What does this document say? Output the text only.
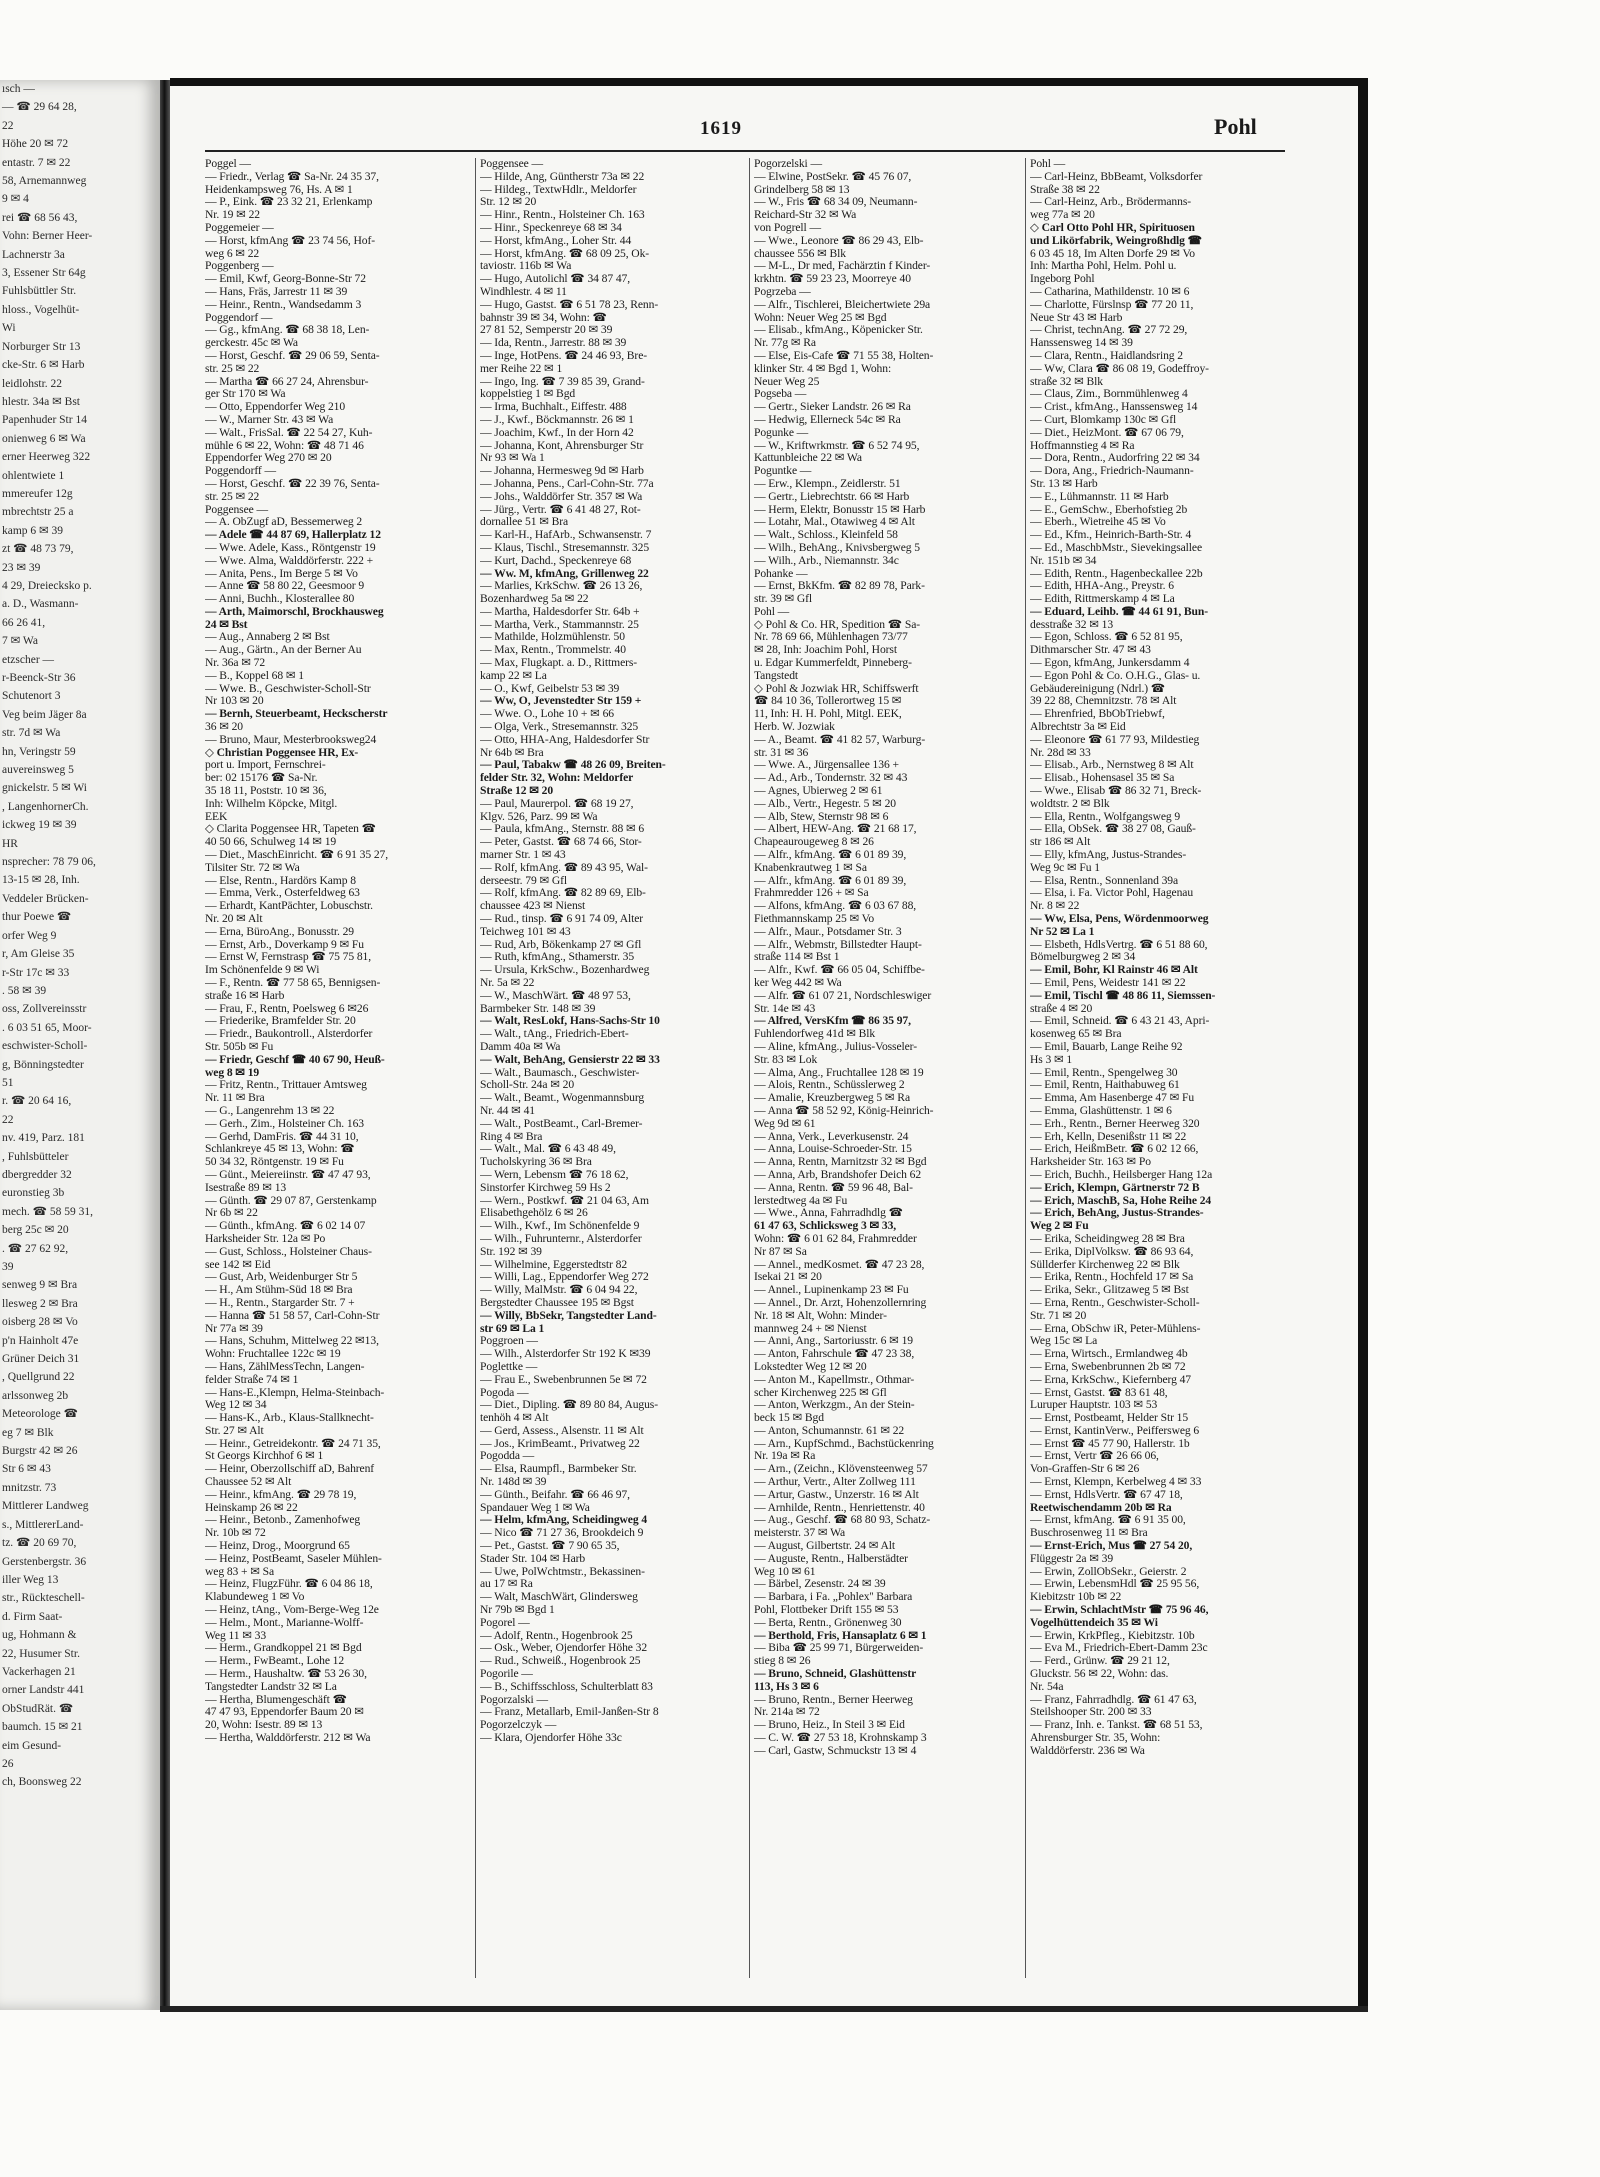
ısch —
— ☎ 29 64 28,
22
Höhe 20 ✉ 72
entastr. 7 ✉ 22
58, Arnemannweg
9 ✉ 4
rei ☎ 68 56 43,
Vohn: Berner Heer-
Lachnerstr 3a
3, Essener Str 64g
Fuhlsbüttler Str.
hloss., Vogelhüt-
Wi
Norburger Str 13
cke-Str. 6 ✉ Harb
leidlohstr. 22
hlestr. 34a ✉ Bst
Papenhuder Str 14
onienweg 6 ✉ Wa
erner Heerweg 322
ohlentwiete 1
mmereufer 12g
mbrechtstr 25 a
kamp 6 ✉ 39
zt ☎ 48 73 79,
23 ✉ 39
4 29, Dreiecksko p.
a. D., Wasmann-
66 26 41,
7 ✉ Wa
etzscher —
r-Beenck-Str 36
Schutenort 3
Veg beim Jäger 8a
str. 7d ✉ Wa
hn, Veringstr 59
auvereinsweg 5
gnickelstr. 5 ✉ Wi
, LangenhornerCh.
ickweg 19 ✉ 39
HR
nsprecher: 78 79 06,
13-15 ✉ 28, Inh.
Veddeler Brücken-
thur Poewe ☎
orfer Weg 9
r, Am Gleise 35
r-Str 17c ✉ 33
. 58 ✉ 39
oss, Zollvereinsstr
. 6 03 51 65, Moor-
eschwister-Scholl-
g, Bönningstedter
51
r. ☎ 20 64 16,
22
nv. 419, Parz. 181
, Fuhlsbütteler
dbergredder 32
euronstieg 3b
mech. ☎ 58 59 31,
berg 25c ✉ 20
. ☎ 27 62 92,
39
senweg 9 ✉ Bra
llesweg 2 ✉ Bra
oisberg 28 ✉ Vo
p'n Hainholt 47e
Grüner Deich 31
, Quellgrund 22
arlssonweg 2b
Meteorologe ☎
eg 7 ✉ Blk
Burgstr 42 ✉ 26
Str 6 ✉ 43
mnitzstr. 73
Mittlerer Landweg
s., MittlererLand-
tz. ☎ 20 69 70,
Gerstenbergstr. 36
iller Weg 13
str., Rückteschell-
d. Firm Saat-
ug, Hohmann &
22, Husumer Str.
Vackerhagen 21
orner Landstr 441
ObStudRät. ☎
baumch. 15 ✉ 21
eim Gesund-
26
ch, Boonsweg 22
1619	Pohl
Poggel —
— Friedr., Verlag ☎ Sa-Nr. 24 35 37,
Heidenkampsweg 76, Hs. A ✉ 1
— P., Eink. ☎ 23 32 21, Erlenkamp
Nr. 19 ✉ 22
Poggemeier —
— Horst, kfmAng ☎ 23 74 56, Hof-
weg 6 ✉ 22
Poggenberg —
— Emil, Kwf, Georg-Bonne-Str 72
— Hans, Fräs, Jarrestr 11 ✉ 39
— Heinr., Rentn., Wandsedamm 3
Poggendorf —
— Gg., kfmAng. ☎ 68 38 18, Len-
gerckestr. 45c ✉ Wa
— Horst, Geschf. ☎ 29 06 59, Senta-
str. 25 ✉ 22
— Martha ☎ 66 27 24, Ahrensbur-
ger Str 170 ✉ Wa
— Otto, Eppendorfer Weg 210
— W., Marner Str. 43 ✉ Wa
— Walt., FrisSal. ☎ 22 54 27, Kuh-
mühle 6 ✉ 22, Wohn: ☎ 48 71 46
Eppendorfer Weg 270 ✉ 20
Poggendorff —
— Horst, Geschf. ☎ 22 39 76, Senta-
str. 25 ✉ 22
Poggensee —
— A. ObZugf aD, Bessemerweg 2
— Adele ☎ 44 87 69, Hallerplatz 12
— Wwe. Adele, Kass., Röntgenstr 19
— Wwe. Alma, Walddörferstr. 222 +
— Anita, Pens., Im Berge 5 ✉ Vo
— Anne ☎ 58 80 22, Geesmoor 9
— Anni, Buchh., Klosterallee 80
— Arth, Maimorschl, Brockhausweg
24 ✉ Bst
— Aug., Annaberg 2 ✉ Bst
— Aug., Gärtn., An der Berner Au
Nr. 36a ✉ 72
— B., Koppel 68 ✉ 1
— Wwe. B., Geschwister-Scholl-Str
Nr 103 ✉ 20
— Bernh, Steuerbeamt, Heckscherstr
36 ✉ 20
— Bruno, Maur, Mesterbrooksweg24
◇ Christian Poggensee HR, Ex-
port u. Import, Fernschrei-
ber: 02 15176 ☎ Sa-Nr.
35 18 11, Poststr. 10 ✉ 36,
Inh: Wilhelm Köpcke, Mitgl.
EEK
◇ Clarita Poggensee HR, Tapeten ☎
40 50 66, Schulweg 14 ✉ 19
— Diet., MaschEinricht. ☎ 6 91 35 27,
Tilsiter Str. 72 ✉ Wa
— Else, Rentn., Hardörs Kamp 8
— Emma, Verk., Osterfeldweg 63
— Erhardt, KantPächter, Lobuschstr.
Nr. 20 ✉ Alt
— Erna, BüroAng., Bonusstr. 29
— Ernst, Arb., Doverkamp 9 ✉ Fu
— Ernst W, Fernstrasp ☎ 75 75 81,
Im Schönenfelde 9 ✉ Wi
— F., Rentn. ☎ 77 58 65, Bennigsen-
straße 16 ✉ Harb
— Frau, F., Rentn, Poelsweg 6 ✉26
— Friederike, Bramfelder Str. 20
— Friedr., Baukontroll., Alsterdorfer
Str. 505b ✉ Fu
— Friedr, Geschf ☎ 40 67 90, Heuß-
weg 8 ✉ 19
— Fritz, Rentn., Trittauer Amtsweg
Nr. 11 ✉ Bra
— G., Langenrehm 13 ✉ 22
— Gerh., Zim., Holsteiner Ch. 163
— Gerhd, DamFris. ☎ 44 31 10,
Schlankreye 45 ✉ 13, Wohn: ☎
50 34 32, Röntgenstr. 19 ✉ Fu
— Günt., Meiereiinstr. ☎ 47 47 93,
Isestraße 89 ✉ 13
— Günth. ☎ 29 07 87, Gerstenkamp
Nr 6b ✉ 22
— Günth., kfmAng. ☎ 6 02 14 07
Harksheider Str. 12a ✉ Po
— Gust, Schloss., Holsteiner Chaus-
see 142 ✉ Eid
— Gust, Arb, Weidenburger Str 5
— H., Am Stühm-Süd 18 ✉ Bra
— H., Rentn., Stargarder Str. 7 +
— Hanna ☎ 51 58 57, Carl-Cohn-Str
Nr 77a ✉ 39
— Hans, Schuhm, Mittelweg 22 ✉13,
Wohn: Fruchtallee 122c ✉ 19
— Hans, ZählMessTechn, Langen-
felder Straße 74 ✉ 1
— Hans-E.,Klempn, Helma-Steinbach-
Weg 12 ✉ 34
— Hans-K., Arb., Klaus-Stallknecht-
Str. 27 ✉ Alt
— Heinr., Getreidekontr. ☎ 24 71 35,
St Georgs Kirchhof 6 ✉ 1
— Heinr, Oberzollschiff aD, Bahrenf
Chaussee 52 ✉ Alt
— Heinr., kfmAng. ☎ 29 78 19,
Heinskamp 26 ✉ 22
— Heinr., Betonb., Zamenhofweg
Nr. 10b ✉ 72
— Heinz, Drog., Moorgrund 65
— Heinz, PostBeamt, Saseler Mühlen-
weg 83 + ✉ Sa
— Heinz, FlugzFühr. ☎ 6 04 86 18,
Klabundeweg 1 ✉ Vo
— Heinz, tAng., Vom-Berge-Weg 12e
— Helm., Mont., Marianne-Wolff-
Weg 11 ✉ 33
— Herm., Grandkoppel 21 ✉ Bgd
— Herm., FwBeamt., Lohe 12
— Herm., Haushaltw. ☎ 53 26 30,
Tangstedter Landstr 32 ✉ La
— Hertha, Blumengeschäft ☎
47 47 93, Eppendorfer Baum 20 ✉
20, Wohn: Isestr. 89 ✉ 13
— Hertha, Walddörferstr. 212 ✉ Wa
Poggensee —
— Hilde, Ang, Güntherstr 73a ✉ 22
— Hildeg., TextwHdlr., Meldorfer
Str. 12 ✉ 20
— Hinr., Rentn., Holsteiner Ch. 163
— Hinr., Speckenreye 68 ✉ 34
— Horst, kfmAng., Loher Str. 44
— Horst, kfmAng. ☎ 68 09 25, Ok-
taviostr. 116b ✉ Wa
— Hugo, Autolichl ☎ 34 87 47,
Windhlestr. 4 ✉ 11
— Hugo, Gastst. ☎ 6 51 78 23, Renn-
bahnstr 39 ✉ 34, Wohn: ☎
27 81 52, Semperstr 20 ✉ 39
— Ida, Rentn., Jarrestr. 88 ✉ 39
— Inge, HotPens. ☎ 24 46 93, Bre-
mer Reihe 22 ✉ 1
— Ingo, Ing. ☎ 7 39 85 39, Grand-
koppelstieg 1 ✉ Bgd
— Irma, Buchhalt., Eiffestr. 488
— J., Kwf., Böckmannstr. 26 ✉ 1
— Joachim, Kwf., In der Horn 42
— Johanna, Kont, Ahrensburger Str
Nr 93 ✉ Wa 1
— Johanna, Hermesweg 9d ✉ Harb
— Johanna, Pens., Carl-Cohn-Str. 77a
— Johs., Walddörfer Str. 357 ✉ Wa
— Jürg., Vertr. ☎ 6 41 48 27, Rot-
dornallee 51 ✉ Bra
— Karl-H., HafArb., Schwansenstr. 7
— Klaus, Tischl., Stresemannstr. 325
— Kurt, Dachd., Speckenreye 68
— Ww. M, kfmAng, Grillenweg 22
— Marlies, KrkSchw. ☎ 26 13 26,
Bozenhardweg 5a ✉ 22
— Martha, Haldesdorfer Str. 64b +
— Martha, Verk., Stammannstr. 25
— Mathilde, Holzmühlenstr. 50
— Max, Rentn., Trommelstr. 40
— Max, Flugkapt. a. D., Rittmers-
kamp 22 ✉ La
— O., Kwf, Geibelstr 53 ✉ 39
— Ww, O, Jevenstedter Str 159 +
— Wwe. O., Lohe 10 + ✉ 66
— Olga, Verk., Stresemannstr. 325
— Otto, HHA-Ang, Haldesdorfer Str
Nr 64b ✉ Bra
— Paul, Tabakw ☎ 48 26 09, Breiten-
felder Str. 32, Wohn: Meldorfer
Straße 12 ✉ 20
— Paul, Maurerpol. ☎ 68 19 27,
Klgv. 526, Parz. 99 ✉ Wa
— Paula, kfmAng., Sternstr. 88 ✉ 6
— Peter, Gastst. ☎ 68 74 66, Stor-
marner Str. 1 ✉ 43
— Rolf, kfmAng. ☎ 89 43 95, Wal-
derseestr. 79 ✉ Gfl
— Rolf, kfmAng. ☎ 82 89 69, Elb-
chaussee 423 ✉ Nienst
— Rud., tinsp. ☎ 6 91 74 09, Alter
Teichweg 101 ✉ 43
— Rud, Arb, Bökenkamp 27 ✉ Gfl
— Ruth, kfmAng., Sthamerstr. 35
— Ursula, KrkSchw., Bozenhardweg
Nr. 5a ✉ 22
— W., MaschWärt. ☎ 48 97 53,
Barmbeker Str. 148 ✉ 39
— Walt, ResLokf, Hans-Sachs-Str 10
— Walt., tAng., Friedrich-Ebert-
Damm 40a ✉ Wa
— Walt, BehAng, Gensierstr 22 ✉ 33
— Walt., Baumasch., Geschwister-
Scholl-Str. 24a ✉ 20
— Walt., Beamt., Wogenmannsburg
Nr. 44 ✉ 41
— Walt., PostBeamt., Carl-Bremer-
Ring 4 ✉ Bra
— Walt., Mal. ☎ 6 43 48 49,
Tucholskyring 36 ✉ Bra
— Wern, Lebensm ☎ 76 18 62,
Sinstorfer Kirchweg 59 Hs 2
— Wern., Postkwf. ☎ 21 04 63, Am
Elisabethgehölz 6 ✉ 26
— Wilh., Kwf., Im Schönenfelde 9
— Wilh., Fuhrunternr., Alsterdorfer
Str. 192 ✉ 39
— Wilhelmine, Eggerstedtstr 82
— Willi, Lag., Eppendorfer Weg 272
— Willy, MalMstr. ☎ 6 04 94 22,
Bergstedter Chaussee 195 ✉ Bgst
— Willy, BbSekr, Tangstedter Land-
str 69 ✉ La 1
Poggroen —
— Wilh., Alsterdorfer Str 192 K ✉39
Poglettke —
— Frau E., Swebenbrunnen 5e ✉ 72
Pogoda —
— Diet., Dipling. ☎ 89 80 84, Augus-
tenhöh 4 ✉ Alt
— Gerd, Assess., Alsenstr. 11 ✉ Alt
— Jos., KrimBeamt., Privatweg 22
Pogodda —
— Elsa, Raumpfl., Barmbeker Str.
Nr. 148d ✉ 39
— Günth., Beifahr. ☎ 66 46 97,
Spandauer Weg 1 ✉ Wa
— Helm, kfmAng, Scheidingweg 4
— Nico ☎ 71 27 36, Brookdeich 9
— Pet., Gastst. ☎ 7 90 65 35,
Stader Str. 104 ✉ Harb
— Uwe, PolWchtmstr., Bekassinen-
au 17 ✉ Ra
— Walt, MaschWärt, Glindersweg
Nr 79b ✉ Bgd 1
Pogorel —
— Adolf, Rentn., Hogenbrook 25
— Osk., Weber, Ojendorfer Höhe 32
— Rud., Schweiß., Hogenbrook 25
Pogorile —
— B., Schiffsschloss, Schulterblatt 83
Pogorzalski —
— Franz, Metallarb, Emil-Janßen-Str 8
Pogorzelczyk —
— Klara, Ojendorfer Höhe 33c
Pogorzelski —
— Elwine, PostSekr. ☎ 45 76 07,
Grindelberg 58 ✉ 13
— W., Fris ☎ 68 34 09, Neumann-
Reichard-Str 32 ✉ Wa
von Pogrell —
— Wwe., Leonore ☎ 86 29 43, Elb-
chaussee 556 ✉ Blk
— M-L., Dr med, Fachärztin f Kinder-
krkhtn. ☎ 59 23 23, Moorreye 40
Pogrzeba —
— Alfr., Tischlerei, Bleichertwiete 29a
Wohn: Neuer Weg 25 ✉ Bgd
— Elisab., kfmAng., Köpenicker Str.
Nr. 77g ✉ Ra
— Else, Eis-Cafe ☎ 71 55 38, Holten-
klinker Str. 4 ✉ Bgd 1, Wohn:
Neuer Weg 25
Pogseba —
— Gertr., Sieker Landstr. 26 ✉ Ra
— Hedwig, Ellerneck 54c ✉ Ra
Pogunke —
— W., Kriftwrkmstr. ☎ 6 52 74 95,
Kattunbleiche 22 ✉ Wa
Poguntke —
— Erw., Klempn., Zeidlerstr. 51
— Gertr., Liebrechtstr. 66 ✉ Harb
— Herm, Elektr, Bonusstr 15 ✉ Harb
— Lotahr, Mal., Otawiweg 4 ✉ Alt
— Walt., Schloss., Kleinfeld 58
— Wilh., BehAng., Knivsbergweg 5
— Wilh., Arb., Niemannstr. 34c
Pohanke —
— Ernst, BkKfm. ☎ 82 89 78, Park-
str. 39 ✉ Gfl
Pohl —
◇ Pohl & Co. HR, Spedition ☎ Sa-
Nr. 78 69 66, Mühlenhagen 73/77
✉ 28, Inh: Joachim Pohl, Horst
u. Edgar Kummerfeldt, Pinneberg-
Tangstedt
◇ Pohl & Jozwiak HR, Schiffswerft
☎ 84 10 36, Tollerortweg 15 ✉
11, Inh: H. H. Pohl, Mitgl. EEK,
Herb. W. Jozwiak
— A., Beamt. ☎ 41 82 57, Warburg-
str. 31 ✉ 36
— Wwe. A., Jürgensallee 136 +
— Ad., Arb., Tondernstr. 32 ✉ 43
— Agnes, Ubierweg 2 ✉ 61
— Alb., Vertr., Hegestr. 5 ✉ 20
— Alb, Stew, Sternstr 98 ✉ 6
— Albert, HEW-Ang. ☎ 21 68 17,
Chapeaurougeweg 8 ✉ 26
— Alfr., kfmAng. ☎ 6 01 89 39,
Knabenkrautweg 1 ✉ Sa
— Alfr., kfmAng. ☎ 6 01 89 39,
Frahmredder 126 + ✉ Sa
— Alfons, kfmAng. ☎ 6 03 67 88,
Fiethmannskamp 25 ✉ Vo
— Alfr., Maur., Potsdamer Str. 3
— Alfr., Webmstr, Billstedter Haupt-
straße 114 ✉ Bst 1
— Alfr., Kwf. ☎ 66 05 04, Schiffbe-
ker Weg 442 ✉ Wa
— Alfr. ☎ 61 07 21, Nordschleswiger
Str. 14e ✉ 43
— Alfred, VersKfm ☎ 86 35 97,
Fuhlendorfweg 41d ✉ Blk
— Aline, kfmAng., Julius-Vosseler-
Str. 83 ✉ Lok
— Alma, Ang., Fruchtallee 128 ✉ 19
— Alois, Rentn., Schüsslerweg 2
— Amalie, Kreuzbergweg 5 ✉ Ra
— Anna ☎ 58 52 92, König-Heinrich-
Weg 9d ✉ 61
— Anna, Verk., Leverkusenstr. 24
— Anna, Louise-Schroeder-Str. 15
— Anna, Rentn, Marnitzstr 32 ✉ Bgd
— Anna, Arb, Brandshofer Deich 62
— Anna, Rentn. ☎ 59 96 48, Bal-
lerstedtweg 4a ✉ Fu
— Wwe., Anna, Fahrradhdlg ☎
61 47 63, Schlicksweg 3 ✉ 33,
Wohn: ☎ 6 01 62 84, Frahmredder
Nr 87 ✉ Sa
— Annel., medKosmet. ☎ 47 23 28,
Isekai 21 ✉ 20
— Annel., Lupinenkamp 23 ✉ Fu
— Annel., Dr. Arzt, Hohenzollernring
Nr. 18 ✉ Alt, Wohn: Minder-
mannweg 24 + ✉ Nienst
— Anni, Ang., Sartoriusstr. 6 ✉ 19
— Anton, Fahrschule ☎ 47 23 38,
Lokstedter Weg 12 ✉ 20
— Anton M., Kapellmstr., Othmar-
scher Kirchenweg 225 ✉ Gfl
— Anton, Werkzgm., An der Stein-
beck 15 ✉ Bgd
— Anton, Schumannstr. 61 ✉ 22
— Arn., KupfSchmd., Bachstückenring
Nr. 19a ✉ Ra
— Arn., (Zeichn., Klövensteenweg 57
— Arthur, Vertr., Alter Zollweg 111
— Artur, Gastw., Unzerstr. 16 ✉ Alt
— Arnhilde, Rentn., Henriettenstr. 40
— Aug., Geschf. ☎ 68 80 93, Schatz-
meisterstr. 37 ✉ Wa
— August, Gilbertstr. 24 ✉ Alt
— Auguste, Rentn., Halberstädter
Weg 10 ✉ 61
— Bärbel, Zesenstr. 24 ✉ 39
— Barbara, i Fa. „Pohlex'' Barbara
Pohl, Flottbeker Drift 155 ✉ 53
— Berta, Rentn., Grönenweg 30
— Berthold, Fris, Hansaplatz 6 ✉ 1
— Biba ☎ 25 99 71, Bürgerweiden-
stieg 8 ✉ 26
— Bruno, Schneid, Glashüttenstr
113, Hs 3 ✉ 6
— Bruno, Rentn., Berner Heerweg
Nr. 214a ✉ 72
— Bruno, Heiz., In Steil 3 ✉ Eid
— C. W. ☎ 27 53 18, Krohnskamp 3
— Carl, Gastw, Schmuckstr 13 ✉ 4
Pohl —
— Carl-Heinz, BbBeamt, Volksdorfer
Straße 38 ✉ 22
— Carl-Heinz, Arb., Brödermanns-
weg 77a ✉ 20
◇ Carl Otto Pohl HR, Spirituosen
und Likörfabrik, Weingroßhdlg ☎
6 03 45 18, Im Alten Dorfe 29 ✉ Vo
Inh: Martha Pohl, Helm. Pohl u.
Ingeborg Pohl
— Catharina, Mathildenstr. 10 ✉ 6
— Charlotte, Fürslnsp ☎ 77 20 11,
Neue Str 43 ✉ Harb
— Christ, technAng. ☎ 27 72 29,
Hanssensweg 14 ✉ 39
— Clara, Rentn., Haidlandsring 2
— Ww, Clara ☎ 86 08 19, Godeffroy-
straße 32 ✉ Blk
— Claus, Zim., Bornmühlenweg 4
— Crist., kfmAng., Hanssensweg 14
— Curt, Blomkamp 130c ✉ Gfl
— Diet., HeizMont. ☎ 67 06 79,
Hoffmannstieg 4 ✉ Ra
— Dora, Rentn., Audorfring 22 ✉ 34
— Dora, Ang., Friedrich-Naumann-
Str. 13 ✉ Harb
— E., Lühmannstr. 11 ✉ Harb
— E., GemSchw., Eberhofstieg 2b
— Eberh., Wietreihe 45 ✉ Vo
— Ed., Kfm., Heinrich-Barth-Str. 4
— Ed., MaschbMstr., Sievekingsallee
Nr. 151b ✉ 34
— Edith, Rentn., Hagenbeckallee 22b
— Edith, HHA-Ang., Preystr. 6
— Edith, Rittmerskamp 4 ✉ La
— Eduard, Leihb. ☎ 44 61 91, Bun-
desstraße 32 ✉ 13
— Egon, Schloss. ☎ 6 52 81 95,
Dithmarscher Str. 47 ✉ 43
— Egon, kfmAng, Junkersdamm 4
— Egon Pohl & Co. O.H.G., Glas- u.
Gebäudereinigung (Ndrl.) ☎
39 22 88, Chemnitzstr. 78 ✉ Alt
— Ehrenfried, BbObTriebwf,
Albrechtstr 3a ✉ Eid
— Eleonore ☎ 61 77 93, Mildestieg
Nr. 28d ✉ 33
— Elisab., Arb., Nernstweg 8 ✉ Alt
— Elisab., Hohensasel 35 ✉ Sa
— Wwe., Elisab ☎ 86 32 71, Breck-
woldtstr. 2 ✉ Blk
— Ella, Rentn., Wolfgangsweg 9
— Ella, ObSek. ☎ 38 27 08, Gauß-
str 186 ✉ Alt
— Elly, kfmAng, Justus-Strandes-
Weg 9c ✉ Fu 1
— Elsa, Rentn., Sonnenland 39a
— Elsa, i. Fa. Victor Pohl, Hagenau
Nr. 8 ✉ 22
— Ww, Elsa, Pens, Wördenmoorweg
Nr 52 ✉ La 1
— Elsbeth, HdlsVertrg. ☎ 6 51 88 60,
Bömelburgweg 2 ✉ 34
— Emil, Bohr, Kl Rainstr 46 ✉ Alt
— Emil, Pens, Weidestr 141 ✉ 22
— Emil, Tischl ☎ 48 86 11, Siemssen-
straße 4 ✉ 20
— Emil, Schneid. ☎ 6 43 21 43, Apri-
kosenweg 65 ✉ Bra
— Emil, Bauarb, Lange Reihe 92
Hs 3 ✉ 1
— Emil, Rentn., Spengelweg 30
— Emil, Rentn, Haithabuweg 61
— Emma, Am Hasenberge 47 ✉ Fu
— Emma, Glashüttenstr. 1 ✉ 6
— Erh., Rentn., Berner Heerweg 320
— Erh, Kelln, Desenißstr 11 ✉ 22
— Erich, HeißmBetr. ☎ 6 02 12 66,
Harksheider Str. 163 ✉ Po
— Erich, Buchh., Heilsberger Hang 12a
— Erich, Klempn, Gärtnerstr 72 B
— Erich, MaschB, Sa, Hohe Reihe 24
— Erich, BehAng, Justus-Strandes-
Weg 2 ✉ Fu
— Erika, Scheidingweg 28 ✉ Bra
— Erika, DiplVolksw. ☎ 86 93 64,
Süllderfer Kirchenweg 22 ✉ Blk
— Erika, Rentn., Hochfeld 17 ✉ Sa
— Erika, Sekr., Glitzaweg 5 ✉ Bst
— Erna, Rentn., Geschwister-Scholl-
Str. 71 ✉ 20
— Erna, ObSchw iR, Peter-Mühlens-
Weg 15c ✉ La
— Erna, Wirtsch., Ermlandweg 4b
— Erna, Swebenbrunnen 2b ✉ 72
— Erna, KrkSchw., Kiefernberg 47
— Ernst, Gastst. ☎ 83 61 48,
Luruper Hauptstr. 103 ✉ 53
— Ernst, Postbeamt, Helder Str 15
— Ernst, KantinVerw., Peiffersweg 6
— Ernst ☎ 45 77 90, Hallerstr. 1b
— Ernst, Vertr ☎ 26 66 06,
Von-Graffen-Str 6 ✉ 26
— Ernst, Klempn, Kerbelweg 4 ✉ 33
— Ernst, HdlsVertr. ☎ 67 47 18,
Reetwischendamm 20b ✉ Ra
— Ernst, kfmAng. ☎ 6 91 35 00,
Buschrosenweg 11 ✉ Bra
— Ernst-Erich, Mus ☎ 27 54 20,
Flüggestr 2a ✉ 39
— Erwin, ZollObSekr., Geierstr. 2
— Erwin, LebensmHdl ☎ 25 95 56,
Kiebitzstr 10b ✉ 22
— Erwin, SchlachtMstr ☎ 75 96 46,
Vogelhüttendeich 35 ✉ Wi
— Erwin, KrkPfleg., Kiebitzstr. 10b
— Eva M., Friedrich-Ebert-Damm 23c
— Ferd., Grünw. ☎ 29 21 12,
Gluckstr. 56 ✉ 22, Wohn: das.
Nr. 54a
— Franz, Fahrradhdlg. ☎ 61 47 63,
Steilshooper Str. 200 ✉ 33
— Franz, Inh. e. Tankst. ☎ 68 51 53,
Ahrensburger Str. 35, Wohn:
Walddörferstr. 236 ✉ Wa
